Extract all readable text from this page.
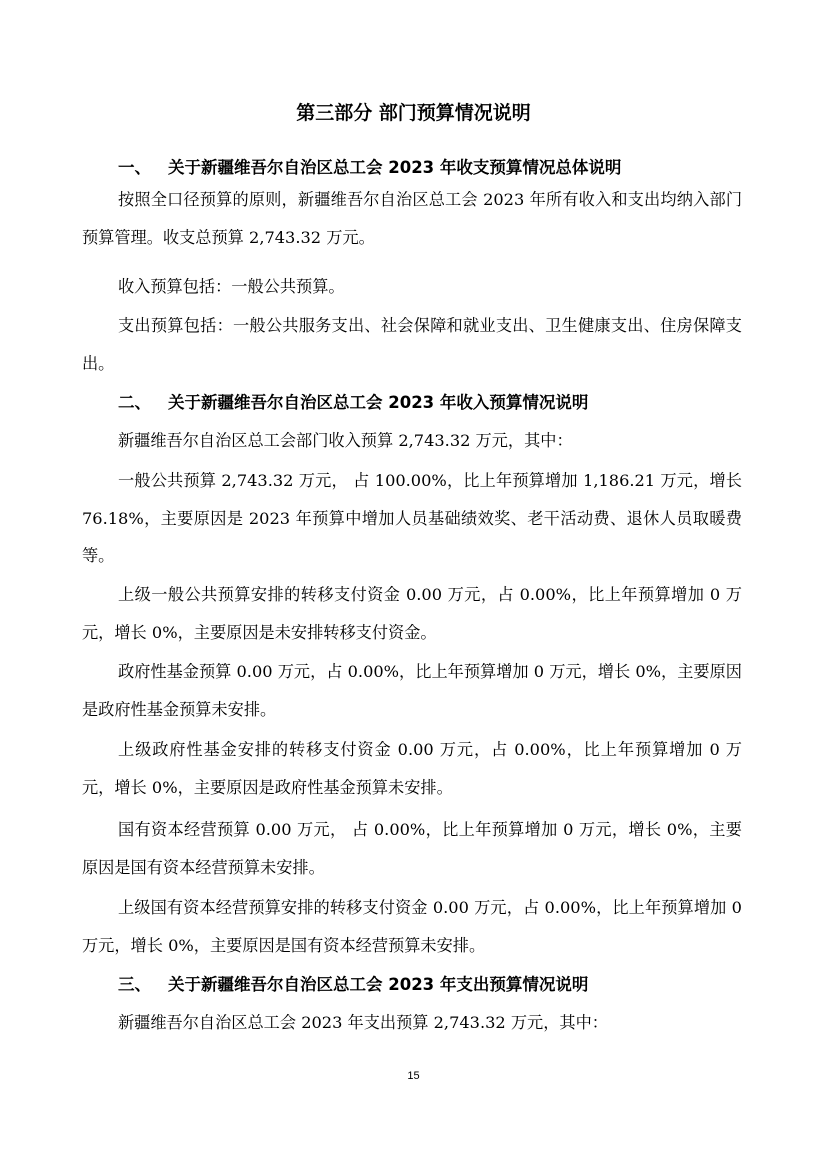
第三部分 部门预算情况说明
一、 关于新疆维吾尔自治区总工会 2023 年收支预算情况总体说明

按照全口径预算的原则，新疆维吾尔自治区总工会 2023 年所有收入和支出均纳入部门预算管理。收支总预算 2,743.32 万元。

收入预算包括：一般公共预算。

支出预算包括：一般公共服务支出、社会保障和就业支出、卫生健康支出、住房保障支出。

二、 关于新疆维吾尔自治区总工会 2023 年收入预算情况说明

新疆维吾尔自治区总工会部门收入预算 2,743.32 万元，其中：

一般公共预算 2,743.32 万元， 占 100.00%，比上年预算增加 1,186.21 万元，增长 76.18%，主要原因是 2023 年预算中增加人员基础绩效奖、老干活动费、退休人员取暖费等。

上级一般公共预算安排的转移支付资金 0.00 万元，占 0.00%，比上年预算增加 0 万元，增长 0%，主要原因是未安排转移支付资金。

政府性基金预算 0.00 万元，占 0.00%，比上年预算增加 0 万元，增长 0%，主要原因是政府性基金预算未安排。

上级政府性基金安排的转移支付资金 0.00 万元，占 0.00%，比上年预算增加 0 万元，增长 0%，主要原因是政府性基金预算未安排。

国有资本经营预算 0.00 万元， 占 0.00%，比上年预算增加 0 万元，增长 0%，主要原因是国有资本经营预算未安排。

上级国有资本经营预算安排的转移支付资金 0.00 万元，占 0.00%，比上年预算增加 0 万元，增长 0%，主要原因是国有资本经营预算未安排。

三、 关于新疆维吾尔自治区总工会 2023 年支出预算情况说明

新疆维吾尔自治区总工会 2023 年支出预算 2,743.32 万元，其中：

15
